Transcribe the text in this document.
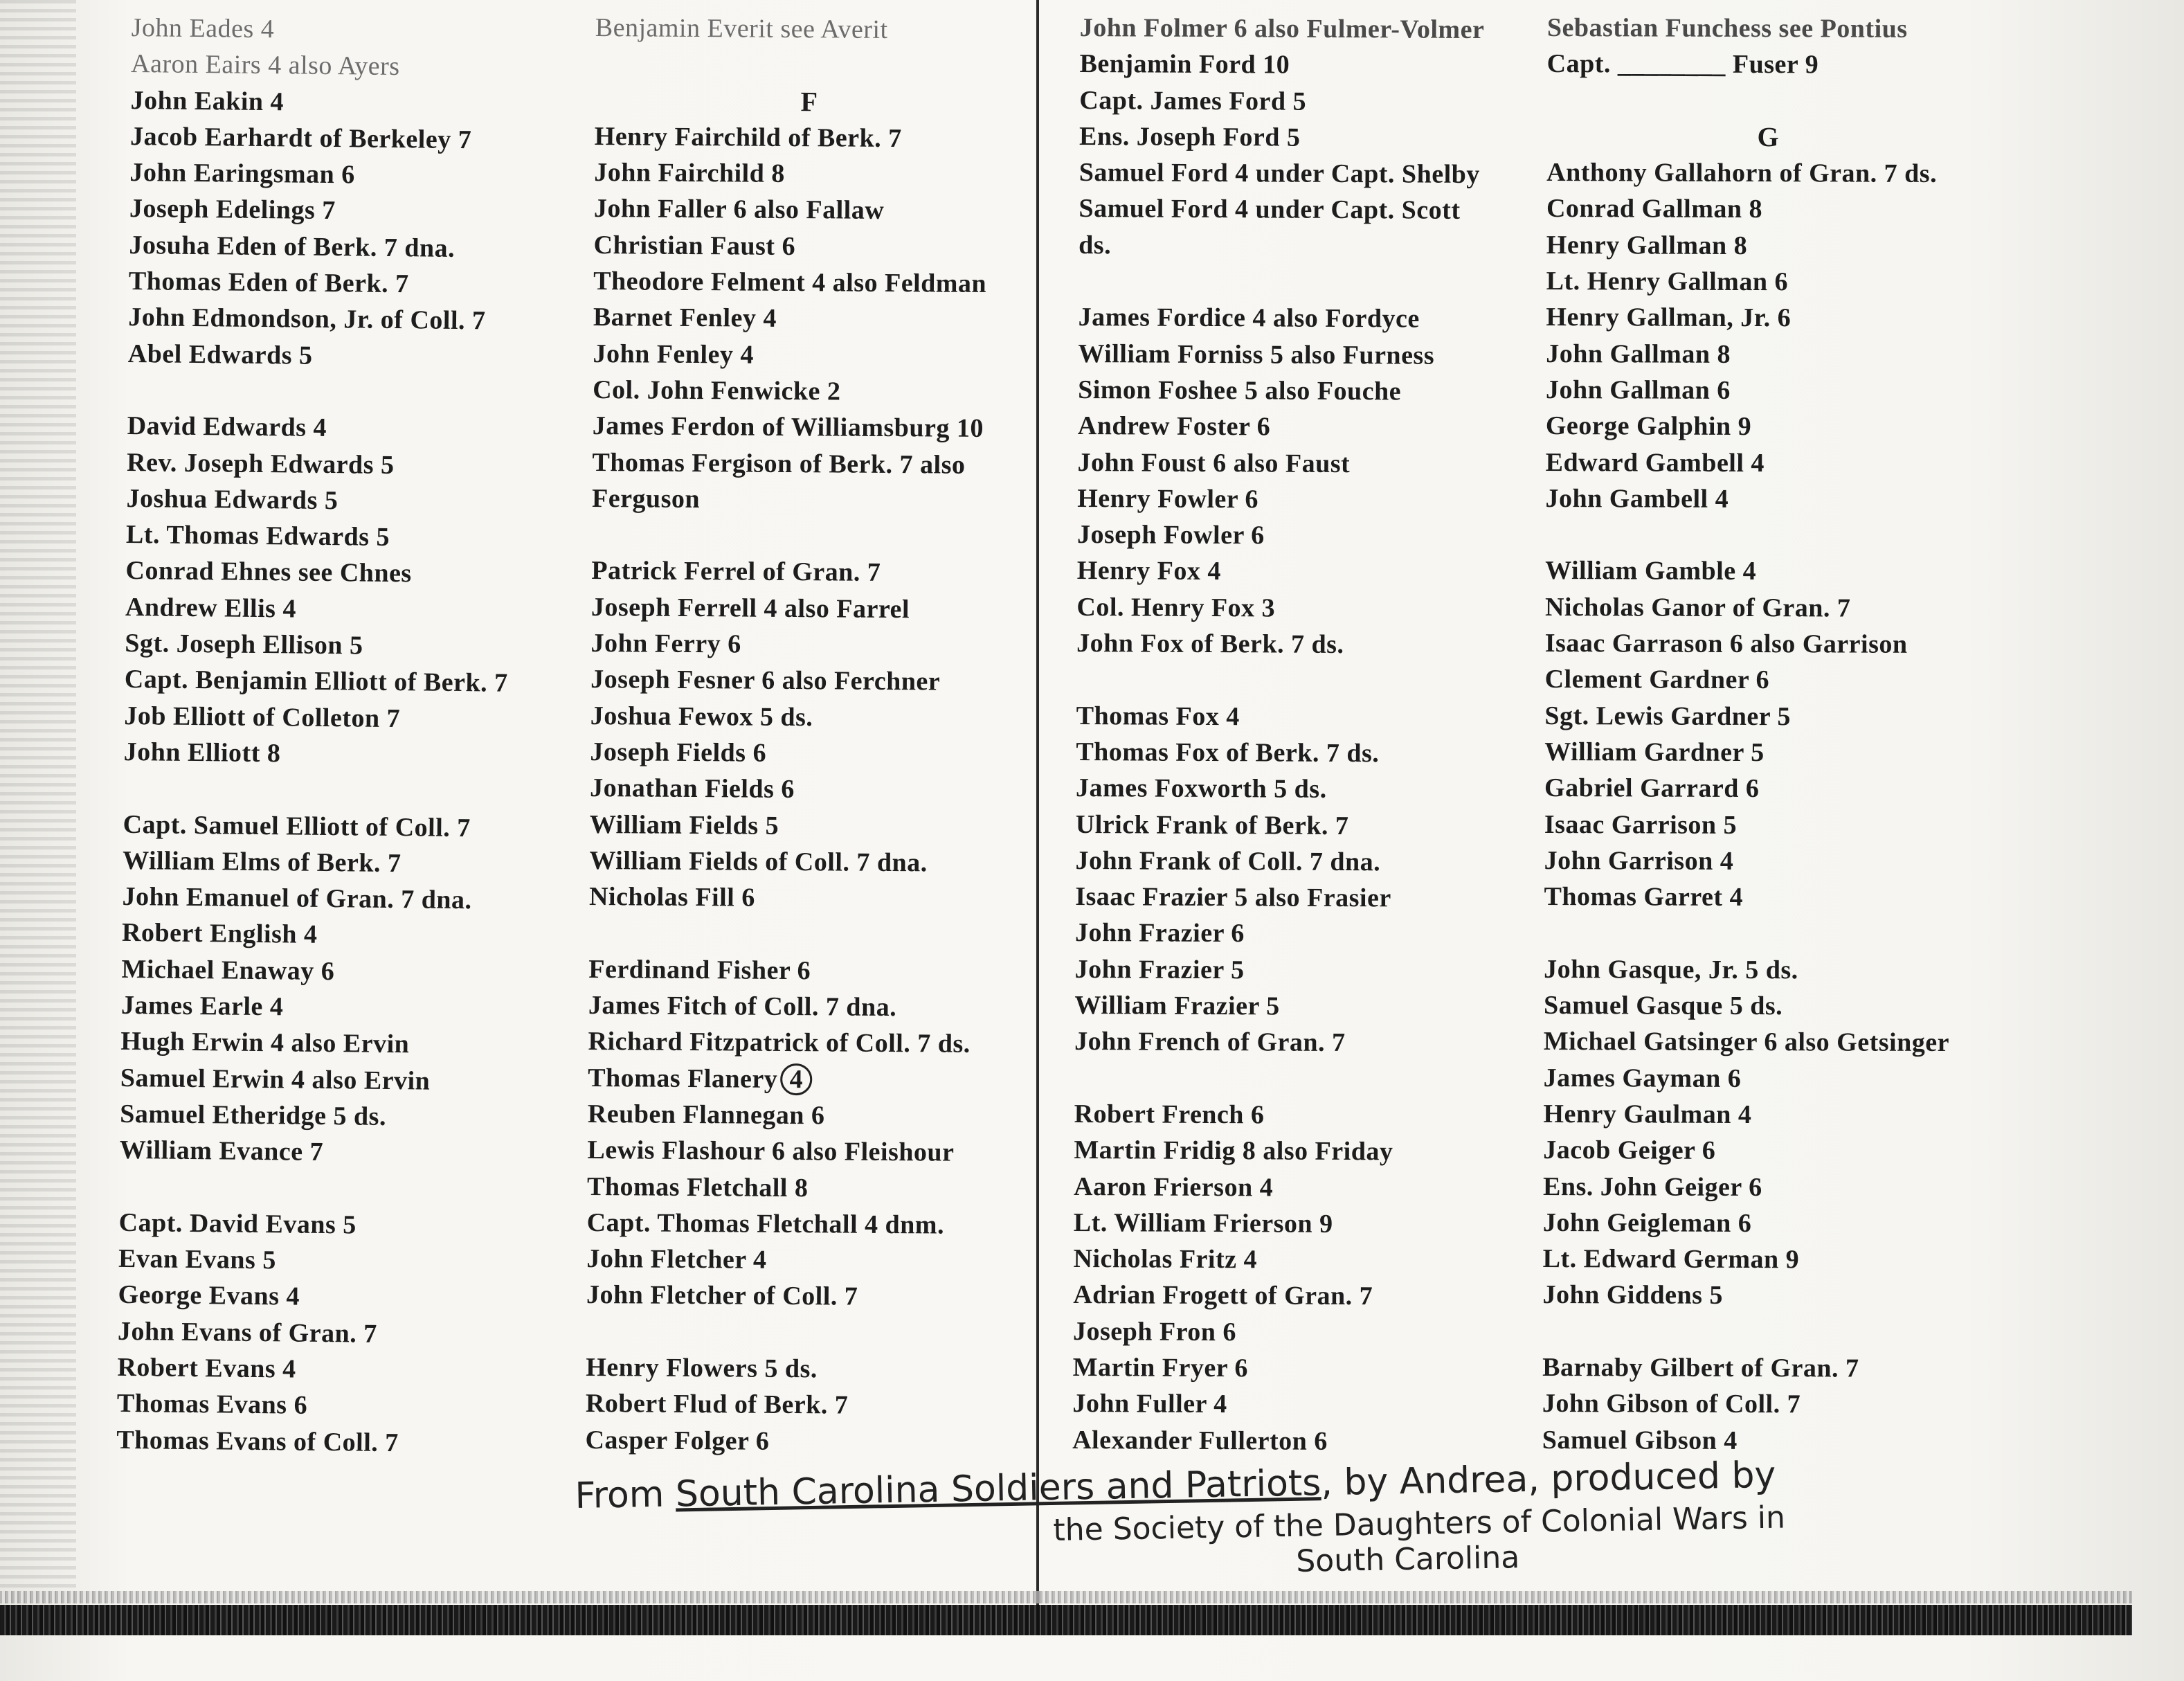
John Eades 4
Aaron Eairs 4 also Ayers
John Eakin 4
Jacob Earhardt of Berkeley 7
John Earingsman 6
Joseph Edelings 7
Josuha Eden of Berk. 7 dna.
Thomas Eden of Berk. 7
John Edmondson, Jr. of Coll. 7
Abel Edwards 5
David Edwards 4
Rev. Joseph Edwards 5
Joshua Edwards 5
Lt. Thomas Edwards 5
Conrad Ehnes see Chnes
Andrew Ellis 4
Sgt. Joseph Ellison 5
Capt. Benjamin Elliott of Berk. 7
Job Elliott of Colleton 7
John Elliott 8
Capt. Samuel Elliott of Coll. 7
William Elms of Berk. 7
John Emanuel of Gran. 7 dna.
Robert English 4
Michael Enaway 6
James Earle 4
Hugh Erwin 4 also Ervin
Samuel Erwin 4 also Ervin
Samuel Etheridge 5 ds.
William Evance 7
Capt. David Evans 5
Evan Evans 5
George Evans 4
John Evans of Gran. 7
Robert Evans 4
Thomas Evans 6
Thomas Evans of Coll. 7
Benjamin Everit see Averit
F
Henry Fairchild of Berk. 7
John Fairchild 8
John Faller 6 also Fallaw
Christian Faust 6
Theodore Felment 4 also Feldman
Barnet Fenley 4
John Fenley 4
Col. John Fenwicke 2
James Ferdon of Williamsburg 10
Thomas Fergison of Berk. 7 also
Ferguson
Patrick Ferrel of Gran. 7
Joseph Ferrell 4 also Farrel
John Ferry 6
Joseph Fesner 6 also Ferchner
Joshua Fewox 5 ds.
Joseph Fields 6
Jonathan Fields 6
William Fields 5
William Fields of Coll. 7 dna.
Nicholas Fill 6
Ferdinand Fisher 6
James Fitch of Coll. 7 dna.
Richard Fitzpatrick of Coll. 7 ds.
Thomas Flanery 4
Reuben Flannegan 6
Lewis Flashour 6 also Fleishour
Thomas Fletchall 8
Capt. Thomas Fletchall 4 dnm.
John Fletcher 4
John Fletcher of Coll. 7
Henry Flowers 5 ds.
Robert Flud of Berk. 7
Casper Folger 6
John Folmer 6 also Fulmer-Volmer
Benjamin Ford 10
Capt. James Ford 5
Ens. Joseph Ford 5
Samuel Ford 4 under Capt. Shelby
Samuel Ford 4 under Capt. Scott
ds.
James Fordice 4 also Fordyce
William Forniss 5 also Furness
Simon Foshee 5 also Fouche
Andrew Foster 6
John Foust 6 also Faust
Henry Fowler 6
Joseph Fowler 6
Henry Fox 4
Col. Henry Fox 3
John Fox of Berk. 7 ds.
Thomas Fox 4
Thomas Fox of Berk. 7 ds.
James Foxworth 5 ds.
Ulrick Frank of Berk. 7
John Frank of Coll. 7 dna.
Isaac Frazier 5 also Frasier
John Frazier 6
John Frazier 5
William Frazier 5
John French of Gran. 7
Robert French 6
Martin Fridig 8 also Friday
Aaron Frierson 4
Lt. William Frierson 9
Nicholas Fritz 4
Adrian Frogett of Gran. 7
Joseph Fron 6
Martin Fryer 6
John Fuller 4
Alexander Fullerton 6
Sebastian Funchess see Pontius
Capt. ________ Fuser 9
G
Anthony Gallahorn of Gran. 7 ds.
Conrad Gallman 8
Henry Gallman 8
Lt. Henry Gallman 6
Henry Gallman, Jr. 6
John Gallman 8
John Gallman 6
George Galphin 9
Edward Gambell 4
John Gambell 4
William Gamble 4
Nicholas Ganor of Gran. 7
Isaac Garrason 6 also Garrison
Clement Gardner 6
Sgt. Lewis Gardner 5
William Gardner 5
Gabriel Garrard 6
Isaac Garrison 5
John Garrison 4
Thomas Garret 4
John Gasque, Jr. 5 ds.
Samuel Gasque 5 ds.
Michael Gatsinger 6 also Getsinger
James Gayman 6
Henry Gaulman 4
Jacob Geiger 6
Ens. John Geiger 6
John Geigleman 6
Lt. Edward German 9
John Giddens 5
Barnaby Gilbert of Gran. 7
John Gibson of Coll. 7
Samuel Gibson 4
From South Carolina Soldiers and Patriots, by Andrea, produced by
the Society of the Daughters of Colonial Wars in
South Carolina
